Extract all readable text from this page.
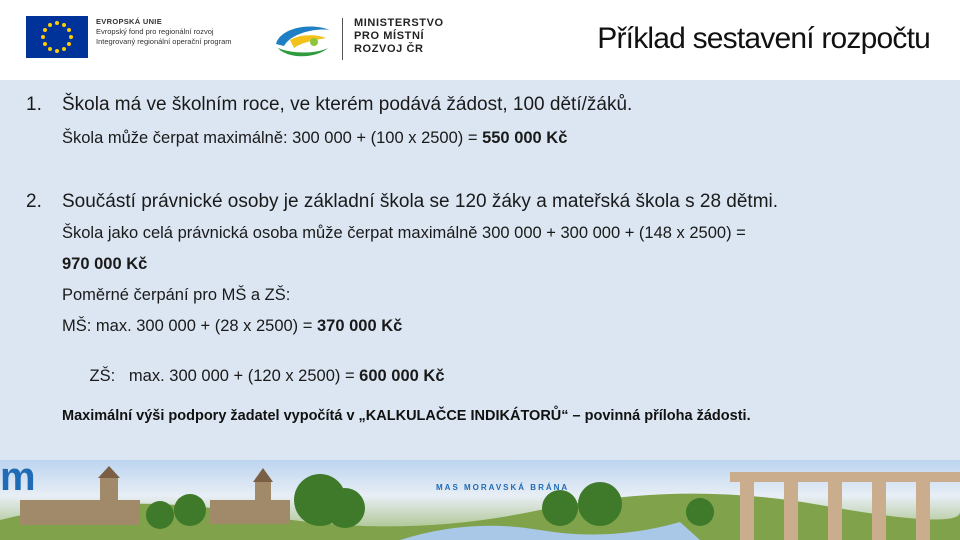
EVROPSKÁ UNIE
Evropský fond pro regionální rozvoj
Integrovaný regionální operační program
MINISTERSTVO
PRO MÍSTNÍ
ROZVOJ ČR	Příklad sestavení rozpočtu
1. Škola má ve školním roce, ve kterém podává žádost, 100 dětí/žáků.
Škola může čerpat maximálně: 300 000 + (100 x 2500) = 550 000 Kč
2. Součástí právnické osoby je základní škola se 120 žáky a mateřská škola s 28 dětmi.
Škola jako celá právnická osoba může čerpat maximálně 300 000 + 300 000 + (148 x 2500) =
970 000 Kč
Poměrné čerpání pro MŠ a ZŠ:
MŠ: max. 300 000 + (28 x 2500) = 370 000 Kč

ZŠ:   max. 300 000 + (120 x 2500) = 600 000 Kč

Maximální výši podpory žadatel vypočítá v „KALKULAČCE INDIKÁTORŮ“ – povinná příloha žádosti.
m	MAS MORAVSKÁ BRÁNA
